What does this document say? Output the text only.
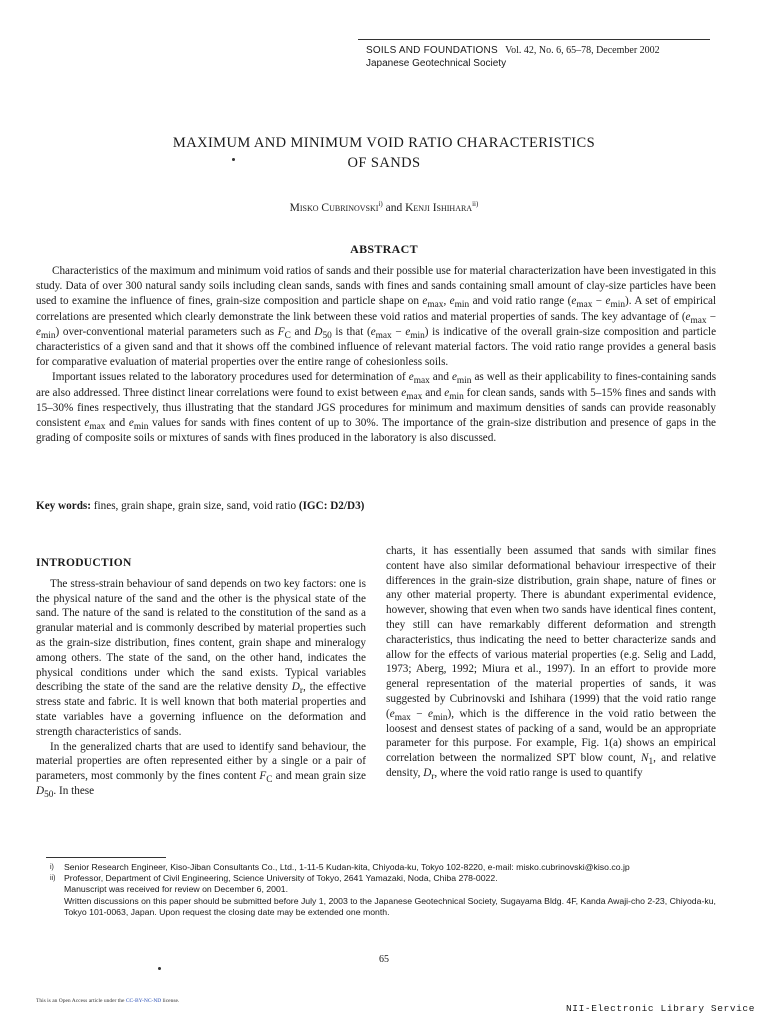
SOILS AND FOUNDATIONS Vol. 42, No. 6, 65–78, December 2002
Japanese Geotechnical Society
MAXIMUM AND MINIMUM VOID RATIO CHARACTERISTICS
OF SANDS
Misko Cubrinovski$^{i)}$ and Kenji Ishihara$^{ii)}$
ABSTRACT

Characteristics of the maximum and minimum void ratios of sands and their possible use for material characterization have been investigated in this study. Data of over 300 natural sandy soils including clean sands, sands with fines and sands containing small amount of clay-size particles have been used to examine the influence of fines, grain-size composition and particle shape on $e_{max}$, $e_{min}$ and void ratio range $(e_{max} - e_{min})$. A set of empirical correlations are presented which clearly demonstrate the link between these void ratios and material properties of sands. The key advantage of $(e_{max} - e_{min})$ over-conventional material parameters such as $F_C$ and $D_{50}$ is that $(e_{max} - e_{min})$ is indicative of the overall grain-size composition and particle characteristics of a given sand and that it shows off the combined influence of relevant material factors. The void ratio range provides a general basis for comparative evaluation of material properties over the entire range of cohesionless soils.

Important issues related to the laboratory procedures used for determination of $e_{max}$ and $e_{min}$ as well as their applicability to fines-containing sands are also addressed. Three distinct linear correlations were found to exist between $e_{max}$ and $e_{min}$ for clean sands, sands with 5–15% fines and sands with 15–30% fines respectively, thus illustrating that the standard JGS procedures for minimum and maximum densities of sands can provide reasonably consistent $e_{max}$ and $e_{min}$ values for sands with fines content of up to 30%. The importance of the grain-size distribution and presence of gaps in the grading of composite soils or mixtures of sands with fines produced in the laboratory is also discussed.

Key words: fines, grain shape, grain size, sand, void ratio (IGC: D2/D3)
INTRODUCTION

The stress-strain behaviour of sand depends on two key factors: one is the physical nature of the sand and the other is the physical state of the sand. The nature of the sand is related to the constitution of the sand as a granular material and is commonly described by material properties such as the grain-size distribution, fines content, grain shape and mineralogy among others. The state of the sand, on the other hand, indicates the physical conditions under which the sand exists. Typical variables describing the state of the sand are the relative density $D_r$, the effective stress state and fabric. It is well known that both material properties and state variables have a governing influence on the deformation and strength characteristics of sands.

In the generalized charts that are used to identify sand behaviour, the material properties are often represented either by a single or a pair of parameters, most commonly by the fines content $F_C$ and mean grain size $D_{50}$. In these

charts, it has essentially been assumed that sands with similar fines content have also similar deformational behaviour irrespective of their differences in the grain-size distribution, grain shape, nature of fines or any other material property. There is abundant experimental evidence, however, showing that even when two sands have identical fines content, they still can have remarkably different deformation and strength characteristics, thus indicating the need to better characterize sands and allow for the effects of various material properties (e.g. Selig and Ladd, 1973; Aberg, 1992; Miura et al., 1997). In an effort to provide more general representation of the material properties of sands, it was suggested by Cubrinovski and Ishihara (1999) that the void ratio range $(e_{max} - e_{min})$, which is the difference in the void ratio between the loosest and densest states of packing of a sand, would be an appropriate parameter for this purpose. For example, Fig. 1(a) shows an empirical correlation between the normalized SPT blow count, $N_1$, and relative density, $D_r$, where the void ratio range is used to quantify

i) Senior Research Engineer, Kiso-Jiban Consultants Co., Ltd., 1-11-5 Kudan-kita, Chiyoda-ku, Tokyo 102-8220, e-mail: misko.cubrinovski@kiso.co.jp
ii) Professor, Department of Civil Engineering, Science University of Tokyo, 2641 Yamazaki, Noda, Chiba 278-0022.
Manuscript was received for review on December 6, 2001.
Written discussions on this paper should be submitted before July 1, 2003 to the Japanese Geotechnical Society, Sugayama Bldg. 4F, Kanda Awaji-cho 2-23, Chiyoda-ku, Tokyo 101-0063, Japan. Upon request the closing date may be extended one month.
65
This is an Open Access article under the CC-BY-NC-ND license.
NII-Electronic Library Service
